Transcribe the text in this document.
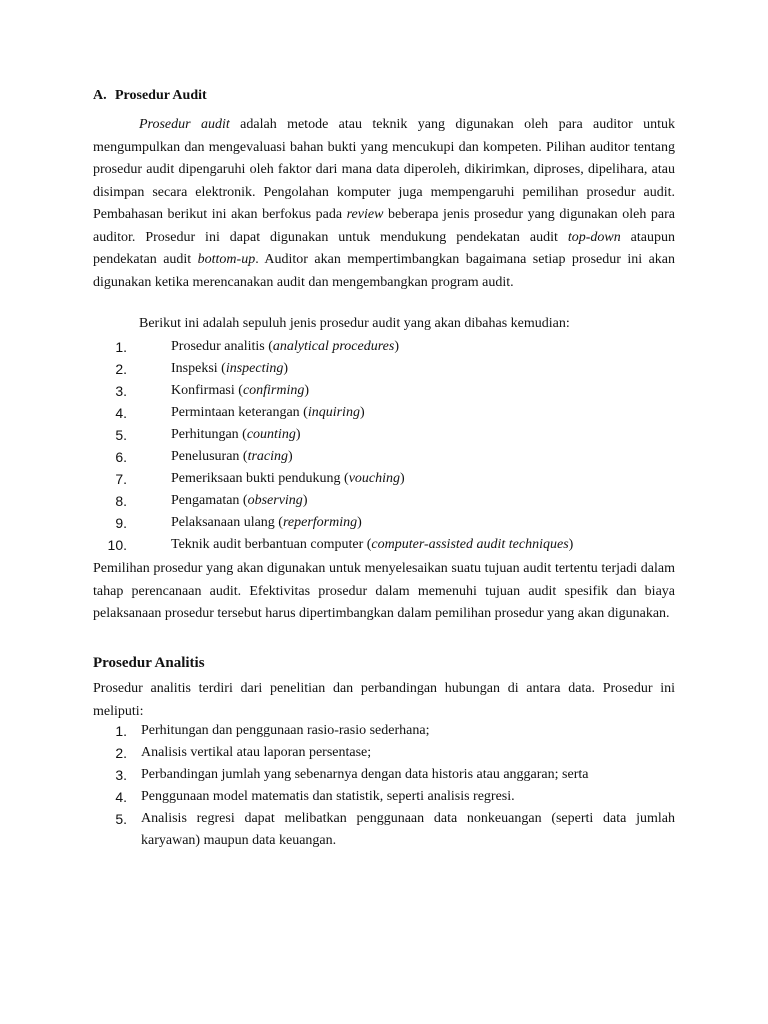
A. Prosedur Audit
Prosedur audit adalah metode atau teknik yang digunakan oleh para auditor untuk mengumpulkan dan mengevaluasi bahan bukti yang mencukupi dan kompeten. Pilihan auditor tentang prosedur audit dipengaruhi oleh faktor dari mana data diperoleh, dikirimkan, diproses, dipelihara, atau disimpan secara elektronik. Pengolahan komputer juga mempengaruhi pemilihan prosedur audit. Pembahasan berikut ini akan berfokus pada review beberapa jenis prosedur yang digunakan oleh para auditor. Prosedur ini dapat digunakan untuk mendukung pendekatan audit top-down ataupun pendekatan audit bottom-up. Auditor akan mempertimbangkan bagaimana setiap prosedur ini akan digunakan ketika merencanakan audit dan mengembangkan program audit.
Berikut ini adalah sepuluh jenis prosedur audit yang akan dibahas kemudian:
1.	Prosedur analitis (analytical procedures)
2.	Inspeksi (inspecting)
3.	Konfirmasi (confirming)
4.	Permintaan keterangan (inquiring)
5.	Perhitungan (counting)
6.	Penelusuran (tracing)
7.	Pemeriksaan bukti pendukung (vouching)
8.	Pengamatan (observing)
9.	Pelaksanaan ulang (reperforming)
10.	Teknik audit berbantuan computer (computer-assisted audit techniques)
Pemilihan prosedur yang akan digunakan untuk menyelesaikan suatu tujuan audit tertentu terjadi dalam tahap perencanaan audit. Efektivitas prosedur dalam memenuhi tujuan audit spesifik dan biaya pelaksanaan prosedur tersebut harus dipertimbangkan dalam pemilihan prosedur yang akan digunakan.
Prosedur Analitis
Prosedur analitis terdiri dari penelitian dan perbandingan hubungan di antara data. Prosedur ini meliputi:
1. Perhitungan dan penggunaan rasio-rasio sederhana;
2. Analisis vertikal atau laporan persentase;
3. Perbandingan jumlah yang sebenarnya dengan data historis atau anggaran; serta
4. Penggunaan model matematis dan statistik, seperti analisis regresi.
5. Analisis regresi dapat melibatkan penggunaan data nonkeuangan (seperti data jumlah karyawan) maupun data keuangan.
